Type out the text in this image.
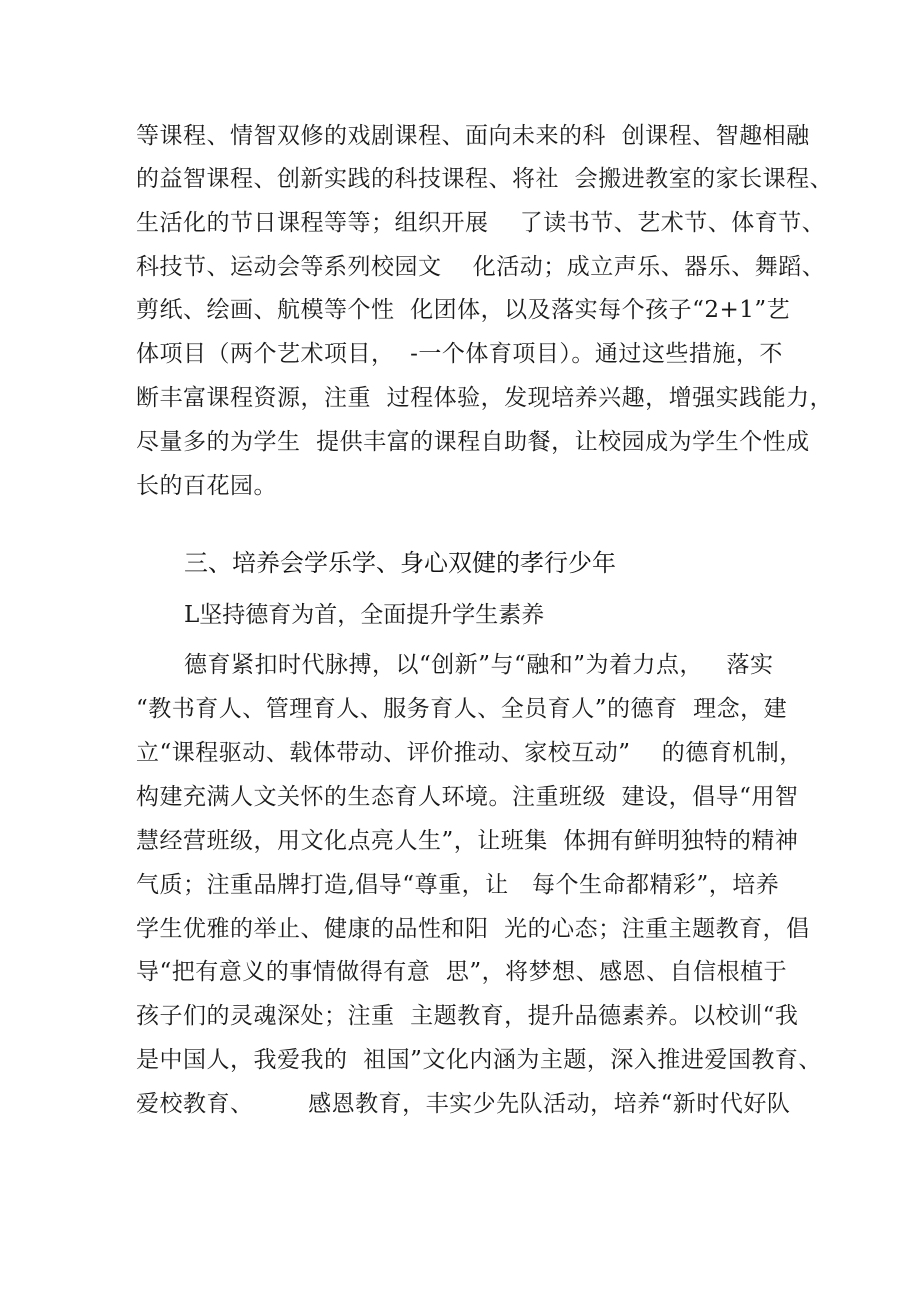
等课程、情智双修的戏剧课程、面向未来的科  创课程、智趣相融
的益智课程、创新实践的科技课程、将社  会搬进教室的家长课程、
生活化的节日课程等等；组织开展    了读书节、艺术节、体育节、
科技节、运动会等系列校园文    化活动；成立声乐、器乐、舞蹈、
剪纸、绘画、航模等个性  化团体，以及落实每个孩子“2+1”艺
体项目（两个艺术项目，  -一个体育项目）。通过这些措施，不
断丰富课程资源，注重  过程体验，发现培养兴趣，增强实践能力，
尽量多的为学生  提供丰富的课程自助餐，让校园成为学生个性成
长的百花园。
三、培养会学乐学、身心双健的孝行少年
L坚持德育为首，全面提升学生素养
德育紧扣时代脉搏，以“创新”与“融和”为着力点，   落实
“教书育人、管理育人、服务育人、全员育人”的德育  理念，建
立“课程驱动、载体带动、评价推动、家校互动”    的德育机制，
构建充满人文关怀的生态育人环境。注重班级  建设，倡导“用智
慧经营班级，用文化点亮人生”，让班集  体拥有鲜明独特的精神
气质；注重品牌打造,倡导“尊重，让   每个生命都精彩”，培养
学生优雅的举止、健康的品性和阳  光的心态；注重主题教育，倡
导“把有意义的事情做得有意  思”，将梦想、感恩、自信根植于
孩子们的灵魂深处；注重  主题教育，提升品德素养。以校训“我
是中国人，我爱我的  祖国”文化内涵为主题，深入推进爱国教育、
爱校教育、       感恩教育，丰实少先队活动，培养“新时代好队
